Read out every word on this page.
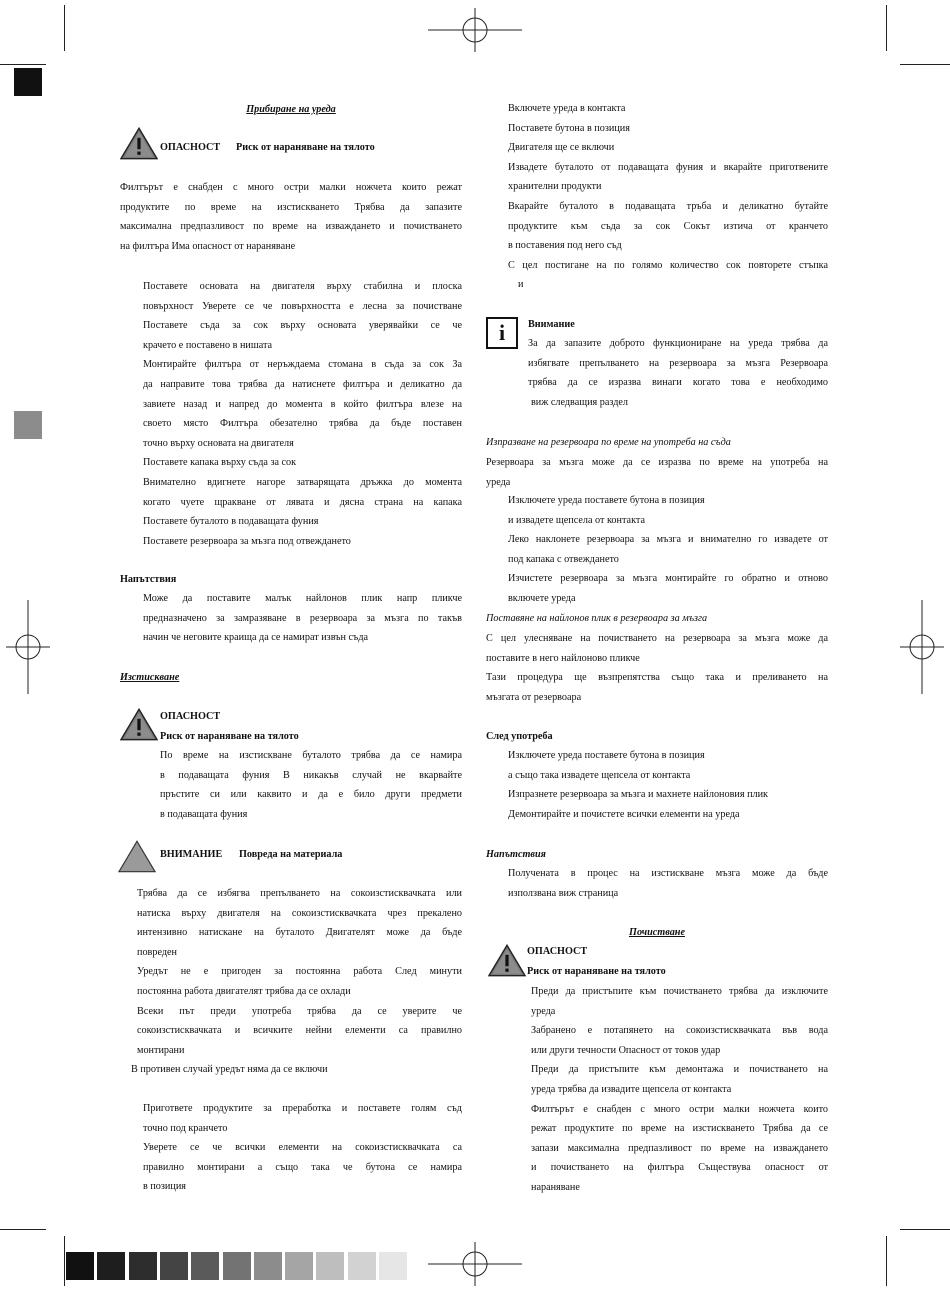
Прибиране на уреда
ОПАСНОСТ	Риск от нараняване на тялото
Филтърът е снабден с много остри малки ножчета които режат
продуктите по време на изстискването Трябва да запазите
максимална предпазливост по време на изваждането и почистването
на филтъра Има опасност от нараняване
Поставете основата на двигателя върху стабилна и плоска
повърхност Уверете се че повърхността е лесна за почистване
Поставете съда за сок върху основата уверявайки се че
крачето е поставено в нишата
Монтирайте филтъра от неръждаема стомана в съда за сок За
да направите това трябва да натиснете филтъра и деликатно да
завиете назад и напред до момента в който филтъра влезе на
своето място Филтъра обезателно трябва да бъде поставен
точно върху основата на двигателя
Поставете капака върху съда за сок
Внимателно вдигнете нагоре затварящата дръжка до момента
когато чуете щракване от лявата и дясна страна на капака
Поставете буталото в подаващата фуния
Поставете резервоара за мъзга под отвеждането
Напътствия
Може да поставите малък найлонов плик напр пликче
предназначено за замразяване в резервоара за мъзга по такъв
начин че неговите краища да се намират извън съда
Изстискване
ОПАСНОСТ
Риск от нараняване на тялото
По време на изстискване буталото трябва да се намира
в подаващата фуния В никакъв случай не вкарвайте
пръстите си или каквито и да е било други предмети
в подаващата фуния
ВНИМАНИЕ	Повреда на материала
Трябва да се избягва препълването на сокоизстисквачката или
натиска върху двигателя на сокоизстисквачката чрез прекалено
интензивно натискане на буталото Двигателят може да бъде
повреден
Уредът не е пригоден за постоянна работа След минути
постоянна работа двигателят трябва да се охлади
Всеки път преди употреба трябва да се уверите че
сокоизстисквачката и всичките нейни елементи са правилно
монтирани
В противен случай уредът няма да се включи
Пригответе продуктите за преработка и поставете голям съд
точно под кранчето
Уверете се че всички елементи на сокоизстисквачката са
правилно монтирани а също така че бутона се намира
в позиция
Включете уреда в контакта
Поставете бутона в позиция
Двигателя ще се включи
Извадете буталото от подаващата фуния и вкарайте приготвените
хранителни продукти
Вкарайте буталото в подаващата тръба и деликатно бутайте
продуктите към съда за сок Сокът изтича от кранчето
в поставения под него съд
С цел постигане на по голямо количество сок повторете стъпка
и
i	Внимание
За да запазите доброто функциониране на уреда трябва да
избягвате препълването на резервоара за мъзга Резервоара
трябва да се изразва винаги когато това е необходимо
виж следващия раздел
Изпразване на резервоара по време на употреба на съда
Резервоара за мъзга може да се изразва по време на употреба на
уреда
Изключете уреда поставете бутона в позиция
и извадете щепсела от контакта
Леко наклонете резервоара за мъзга и внимателно го извадете от
под капака с отвеждането
Изчистете резервоара за мъзга монтирайте го обратно и отново
включете уреда
Поставяне на найлонов плик в резервоара за мъзга
С цел улесняване на почистването на резервоара за мъзга може да
поставите в него найлоново пликче
Тази процедура ще възпрепятства също така и преливането на
мъзгата от резервоара
След употреба
Изключете уреда поставете бутона в позиция
а също така извадете щепсела от контакта
Изпразнете резервоара за мъзга и махнете найлоновия плик
Демонтирайте и почистете всички елементи на уреда
Напътствия
Получената в процес на изстискване мъзга може да бъде
използвана виж страница
Почистване
ОПАСНОСТ
Риск от нараняване на тялото
Преди да пристъпите към почистването трябва да изключите
уреда
Забранено е потапянето на сокоизстисквачката във вода
или други течности Опасност от токов удар
Преди да пристъпите към демонтажа и почистването на
уреда трябва да извадите щепсела от контакта
Филтърът е снабден с много остри малки ножчета които
режат продуктите по време на изстискването Трябва да се
запази максимална предпазливост по време на изваждането
и почистването на филтъра Съществува опасност от
нараняване
